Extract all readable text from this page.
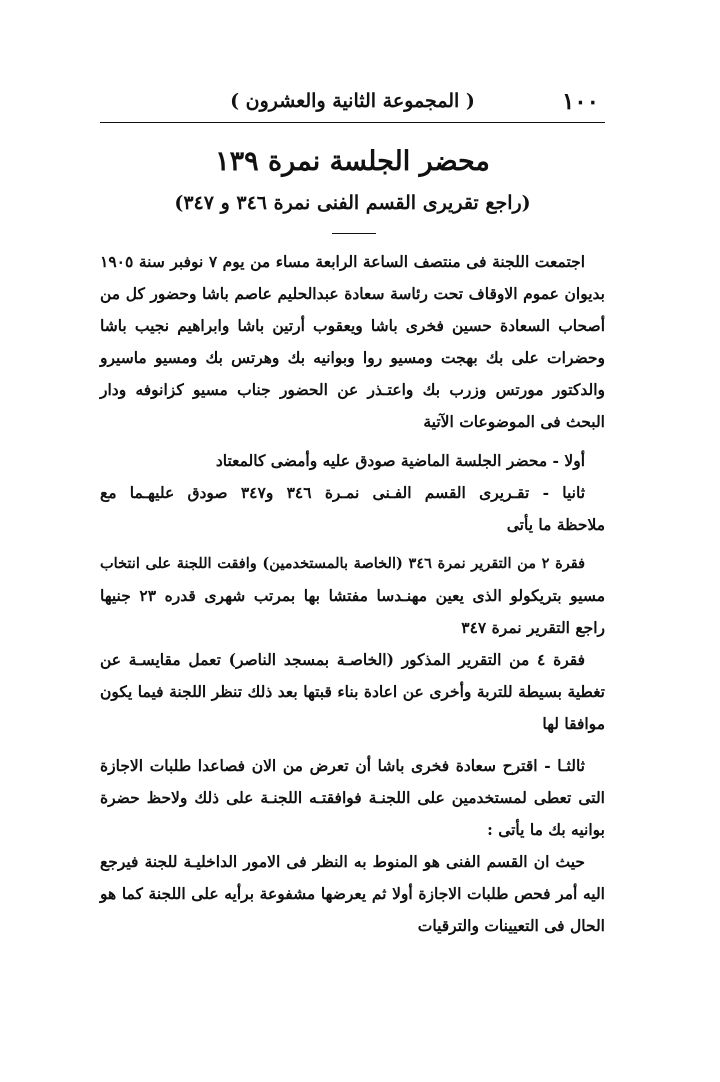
١٠٠
( المجموعة الثانية والعشرون )
محضر الجلسة نمرة ١٣٩
(راجع تقريرى القسم الفنى نمرة ٣٤٦ و ٣٤٧)

اجتمعت اللجنة فى منتصف الساعة الرابعة مساء من يوم ٧ نوفبر سنة ١٩٠٥
بديوان عموم الاوقاف تحت رئاسة سعادة عبدالحليم عاصم باشا وحضور كل من
أصحاب السعادة حسين فخرى باشا ويعقوب أرتين باشا وابراهيم نجيب باشا
وحضرات على بك بهجت ومسيو روا وبوانيه بك وهرتس بك ومسيو ماسيرو
والدكتور مورتس وزرب بك واعتـذر عن الحضور جناب مسيو كزانوفه ودار
البحث فى الموضوعات الآتية

أولا - محضر الجلسة الماضية صودق عليه وأمضى كالمعتاد

ثانيا - تقـريرى القسم الفـنى نمـرة ٣٤٦ و٣٤٧ صودق عليهـما مع
ملاحظة ما يأتى

فقرة ٢ من التقرير نمرة ٣٤٦ (الخاصة بالمستخدمين) وافقت اللجنة على انتخاب
مسيو بتريكولو الذى يعين مهنـدسا مفتشا بها بمرتب شهرى قدره ٢٣ جنيها
راجع التقرير نمرة ٣٤٧

فقرة ٤ من التقرير المذكور (الخاصـة بمسجد الناصر) تعمل مقايسـة عن
تغطية بسيطة للتربة وأخرى عن اعادة بناء قبتها بعد ذلك تنظر اللجنة فيما يكون
موافقا لها

ثالثـا - اقترح سعادة فخرى باشا أن تعرض من الان فصاعدا طلبات الاجازة
التى تعطى لمستخدمين على اللجنـة فوافقتـه اللجنـة على ذلك ولاحظ حضرة
بوانيه بك ما يأتى :

حيث ان القسم الفنى هو المنوط به النظر فى الامور الداخليـة للجنة فيرجع
اليه أمر فحص طلبات الاجازة أولا ثم يعرضها مشفوعة برأيه على اللجنة كما هو
الحال فى التعيينات والترقيات
